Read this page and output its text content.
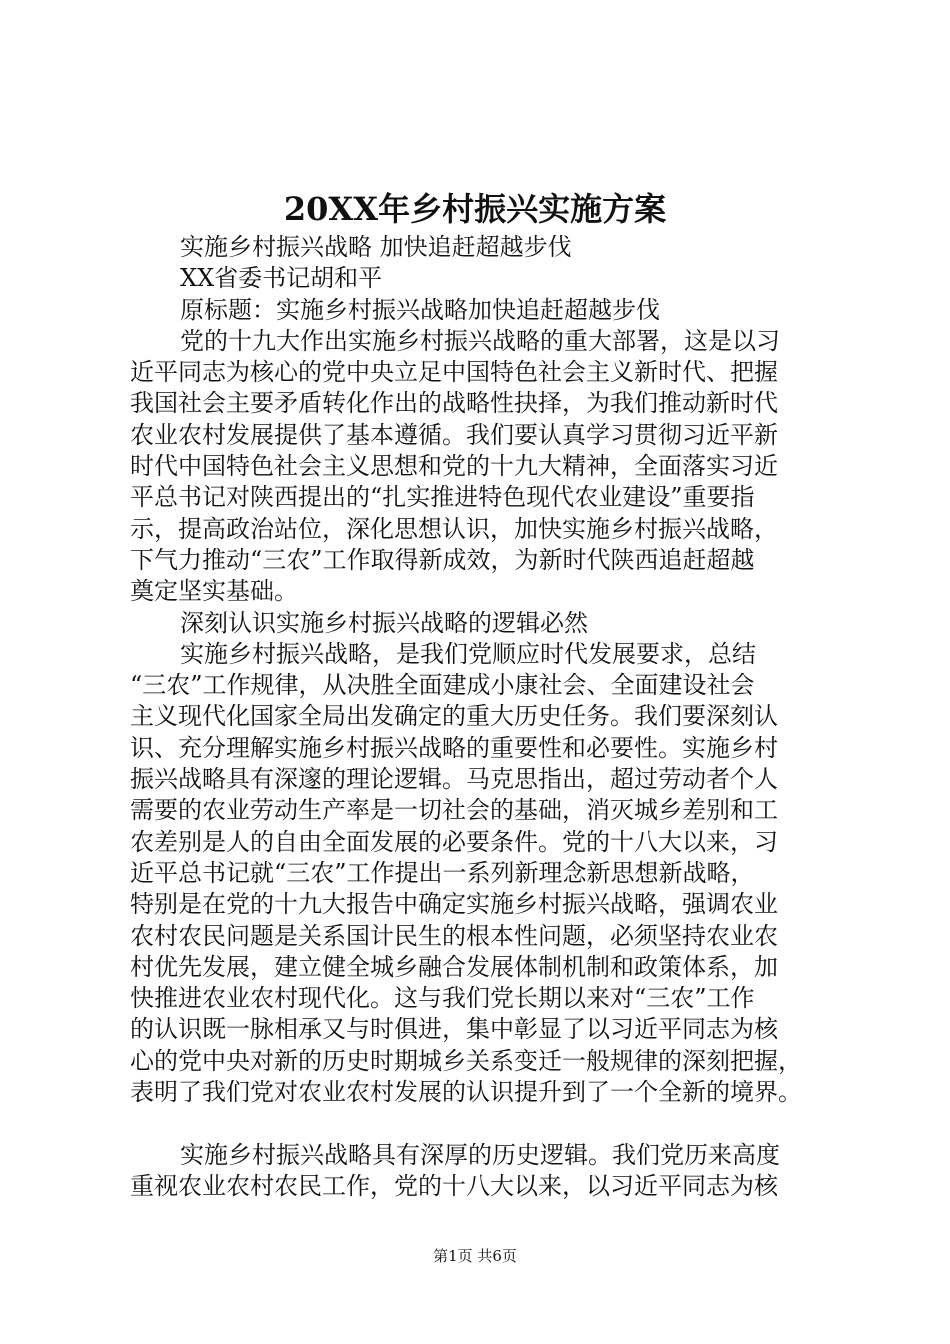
20XX年乡村振兴实施方案
实施乡村振兴战略 加快追赶超越步伐
XX省委书记胡和平
原标题：实施乡村振兴战略加快追赶超越步伐
党的十九大作出实施乡村振兴战略的重大部署，这是以习
近平同志为核心的党中央立足中国特色社会主义新时代、把握
我国社会主要矛盾转化作出的战略性抉择，为我们推动新时代
农业农村发展提供了基本遵循。我们要认真学习贯彻习近平新
时代中国特色社会主义思想和党的十九大精神，全面落实习近
平总书记对陕西提出的“扎实推进特色现代农业建设”重要指
示，提高政治站位，深化思想认识，加快实施乡村振兴战略，
下气力推动“三农”工作取得新成效，为新时代陕西追赶超越
奠定坚实基础。
深刻认识实施乡村振兴战略的逻辑必然
实施乡村振兴战略，是我们党顺应时代发展要求，总结
“三农”工作规律，从决胜全面建成小康社会、全面建设社会
主义现代化国家全局出发确定的重大历史任务。我们要深刻认
识、充分理解实施乡村振兴战略的重要性和必要性。实施乡村
振兴战略具有深邃的理论逻辑。马克思指出，超过劳动者个人
需要的农业劳动生产率是一切社会的基础，消灭城乡差别和工
农差别是人的自由全面发展的必要条件。党的十八大以来，习
近平总书记就“三农”工作提出一系列新理念新思想新战略，
特别是在党的十九大报告中确定实施乡村振兴战略，强调农业
农村农民问题是关系国计民生的根本性问题，必须坚持农业农
村优先发展，建立健全城乡融合发展体制机制和政策体系，加
快推进农业农村现代化。这与我们党长期以来对“三农”工作
的认识既一脉相承又与时俱进，集中彰显了以习近平同志为核
心的党中央对新的历史时期城乡关系变迁一般规律的深刻把握，
表明了我们党对农业农村发展的认识提升到了一个全新的境界。
实施乡村振兴战略具有深厚的历史逻辑。我们党历来高度
重视农业农村农民工作，党的十八大以来，以习近平同志为核
第1页 共6页
